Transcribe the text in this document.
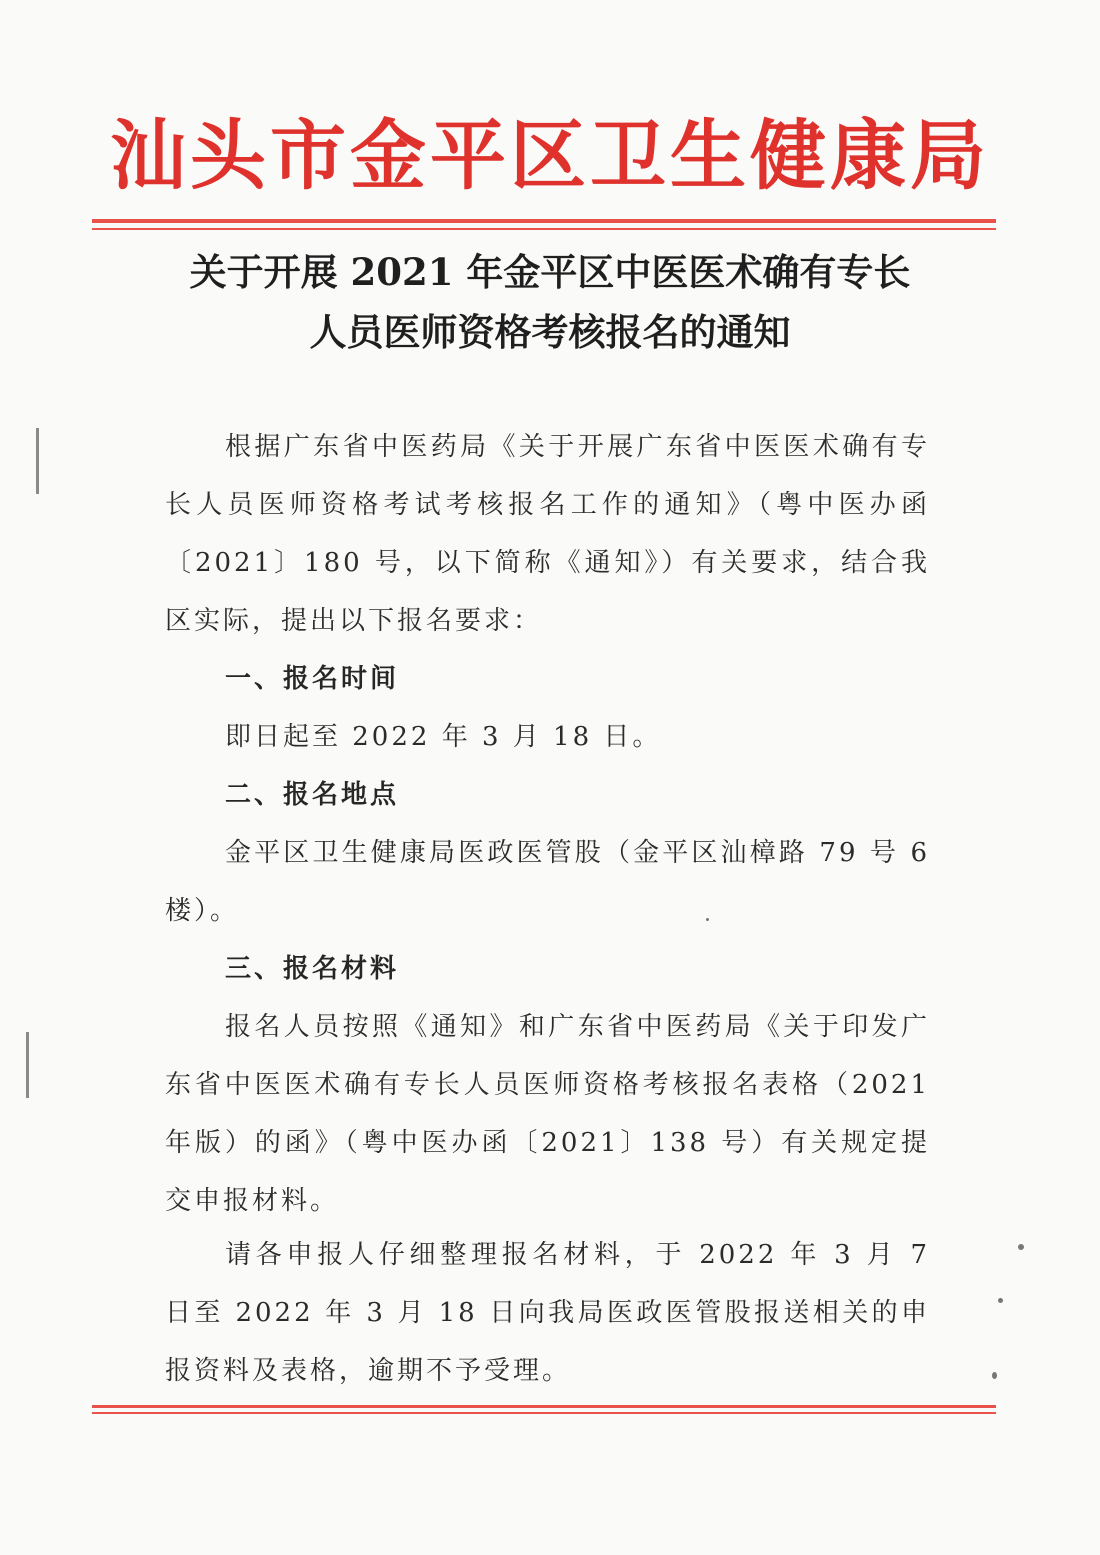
汕头市金平区卫生健康局
关于开展 2021 年金平区中医医术确有专长
人员医师资格考核报名的通知

根据广东省中医药局《关于开展广东省中医医术确有专长人员医师资格考试考核报名工作的通知》（粤中医办函〔2021〕180 号，以下简称《通知》）有关要求，结合我区实际，提出以下报名要求：

一、报名时间

即日起至 2022 年 3 月 18 日。

二、报名地点

金平区卫生健康局医政医管股（金平区汕樟路 79 号 6 楼）。

三、报名材料

报名人员按照《通知》和广东省中医药局《关于印发广东省中医医术确有专长人员医师资格考核报名表格（2021 年版）的函》（粤中医办函〔2021〕138 号）有关规定提交申报材料。

请各申报人仔细整理报名材料，于 2022 年 3 月 7 日至 2022 年 3 月 18 日向我局医政医管股报送相关的申报资料及表格，逾期不予受理。
